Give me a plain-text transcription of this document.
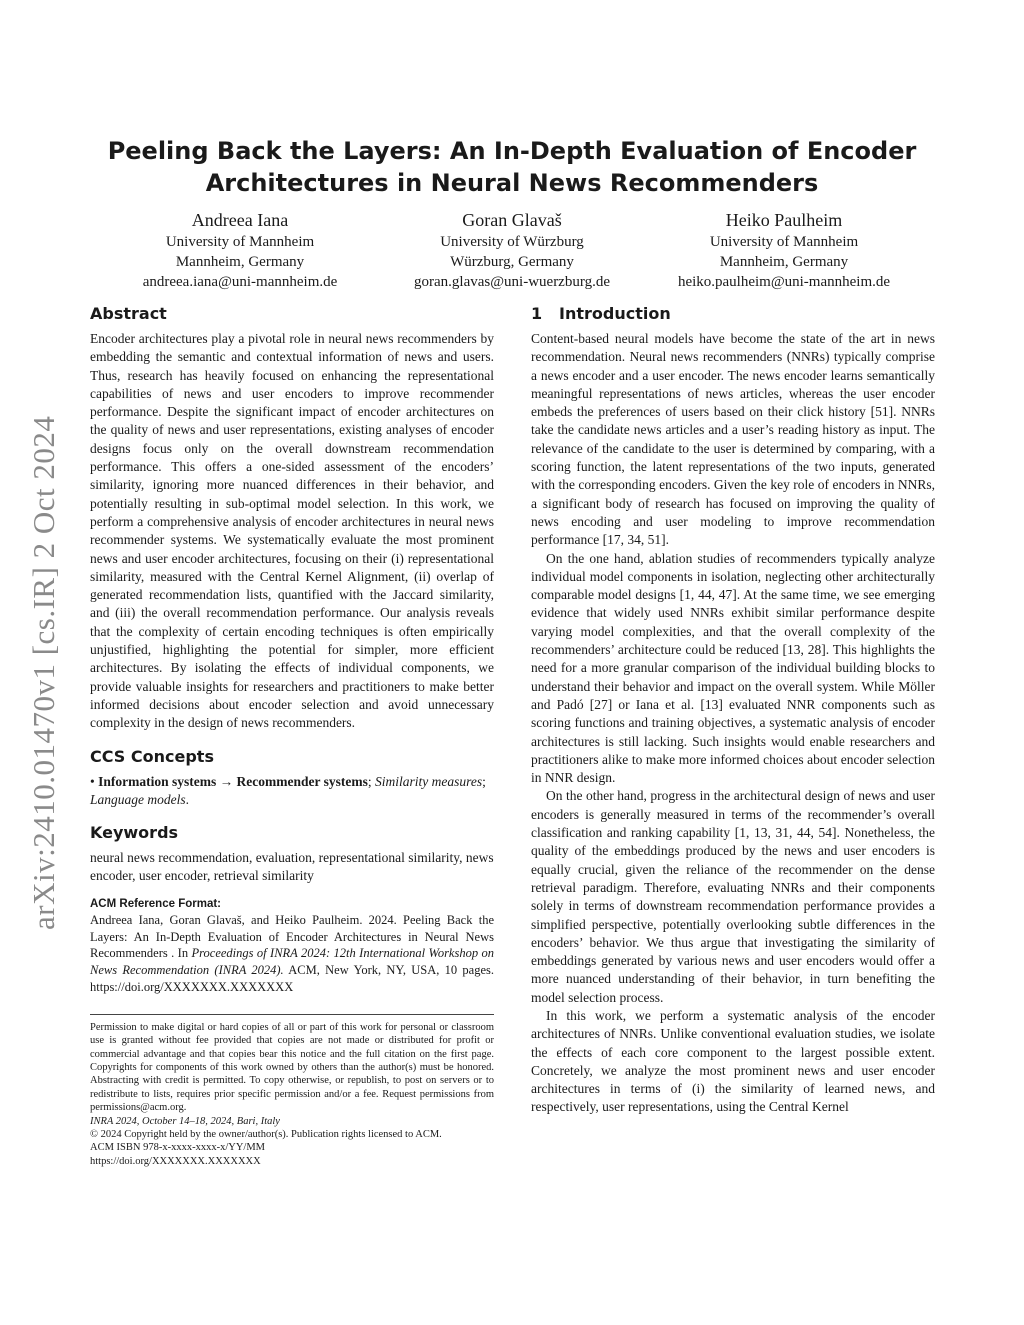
arXiv:2410.01470v1 [cs.IR] 2 Oct 2024
Peeling Back the Layers: An In-Depth Evaluation of Encoder
Architectures in Neural News Recommenders
Andreea Iana
University of Mannheim
Mannheim, Germany
andreea.iana@uni-mannheim.de
Goran Glavaš
University of Würzburg
Würzburg, Germany
goran.glavas@uni-wuerzburg.de
Heiko Paulheim
University of Mannheim
Mannheim, Germany
heiko.paulheim@uni-mannheim.de
Abstract

Encoder architectures play a pivotal role in neural news recommenders by embedding the semantic and contextual information of news and users. Thus, research has heavily focused on enhancing the representational capabilities of news and user encoders to improve recommender performance. Despite the significant impact of encoder architectures on the quality of news and user representations, existing analyses of encoder designs focus only on the overall downstream recommendation performance. This offers a one-sided assessment of the encoders’ similarity, ignoring more nuanced differences in their behavior, and potentially resulting in sub-optimal model selection. In this work, we perform a comprehensive analysis of encoder architectures in neural news recommender systems. We systematically evaluate the most prominent news and user encoder architectures, focusing on their (i) representational similarity, measured with the Central Kernel Alignment, (ii) overlap of generated recommendation lists, quantified with the Jaccard similarity, and (iii) the overall recommendation performance. Our analysis reveals that the complexity of certain encoding techniques is often empirically unjustified, highlighting the potential for simpler, more efficient architectures. By isolating the effects of individual components, we provide valuable insights for researchers and practitioners to make better informed decisions about encoder selection and avoid unnecessary complexity in the design of news recommenders.

CCS Concepts

• Information systems → Recommender systems; Similarity measures; Language models.

Keywords

neural news recommendation, evaluation, representational similarity, news encoder, user encoder, retrieval similarity

ACM Reference Format:

Andreea Iana, Goran Glavaš, and Heiko Paulheim. 2024. Peeling Back the Layers: An In-Depth Evaluation of Encoder Architectures in Neural News Recommenders . In Proceedings of INRA 2024: 12th International Workshop on News Recommendation (INRA 2024). ACM, New York, NY, USA, 10 pages. https://doi.org/XXXXXXX.XXXXXXX

Permission to make digital or hard copies of all or part of this work for personal or classroom use is granted without fee provided that copies are not made or distributed for profit or commercial advantage and that copies bear this notice and the full citation on the first page. Copyrights for components of this work owned by others than the author(s) must be honored. Abstracting with credit is permitted. To copy otherwise, or republish, to post on servers or to redistribute to lists, requires prior specific permission and/or a fee. Request permissions from permissions@acm.org.

INRA 2024, October 14–18, 2024, Bari, Italy

© 2024 Copyright held by the owner/author(s). Publication rights licensed to ACM.

ACM ISBN 978-x-xxxx-xxxx-x/YY/MM

https://doi.org/XXXXXXX.XXXXXXX

1 Introduction

Content-based neural models have become the state of the art in news recommendation. Neural news recommenders (NNRs) typically comprise a news encoder and a user encoder. The news encoder learns semantically meaningful representations of news articles, whereas the user encoder embeds the preferences of users based on their click history [51]. NNRs take the candidate news articles and a user’s reading history as input. The relevance of the candidate to the user is determined by comparing, with a scoring function, the latent representations of the two inputs, generated with the corresponding encoders. Given the key role of encoders in NNRs, a significant body of research has focused on improving the quality of news encoding and user modeling to improve recommendation performance [17, 34, 51].

On the one hand, ablation studies of recommenders typically analyze individual model components in isolation, neglecting other architecturally comparable model designs [1, 44, 47]. At the same time, we see emerging evidence that widely used NNRs exhibit similar performance despite varying model complexities, and that the overall complexity of the recommenders’ architecture could be reduced [13, 28]. This highlights the need for a more granular comparison of the individual building blocks to understand their behavior and impact on the overall system. While Möller and Padó [27] or Iana et al. [13] evaluated NNR components such as scoring functions and training objectives, a systematic analysis of encoder architectures is still lacking. Such insights would enable researchers and practitioners alike to make more informed choices about encoder selection in NNR design.

On the other hand, progress in the architectural design of news and user encoders is generally measured in terms of the recommender’s overall classification and ranking capability [1, 13, 31, 44, 54]. Nonetheless, the quality of the embeddings produced by the news and user encoders is equally crucial, given the reliance of the recommender on the dense retrieval paradigm. Therefore, evaluating NNRs and their components solely in terms of downstream recommendation performance provides a simplified perspective, potentially overlooking subtle differences in the encoders’ behavior. We thus argue that investigating the similarity of embeddings generated by various news and user encoders would offer a more nuanced understanding of their behavior, in turn benefiting the model selection process.

In this work, we perform a systematic analysis of the encoder architectures of NNRs. Unlike conventional evaluation studies, we isolate the effects of each core component to the largest possible extent. Concretely, we analyze the most prominent news and user encoder architectures in terms of (i) the similarity of learned news, and respectively, user representations, using the Central Kernel
